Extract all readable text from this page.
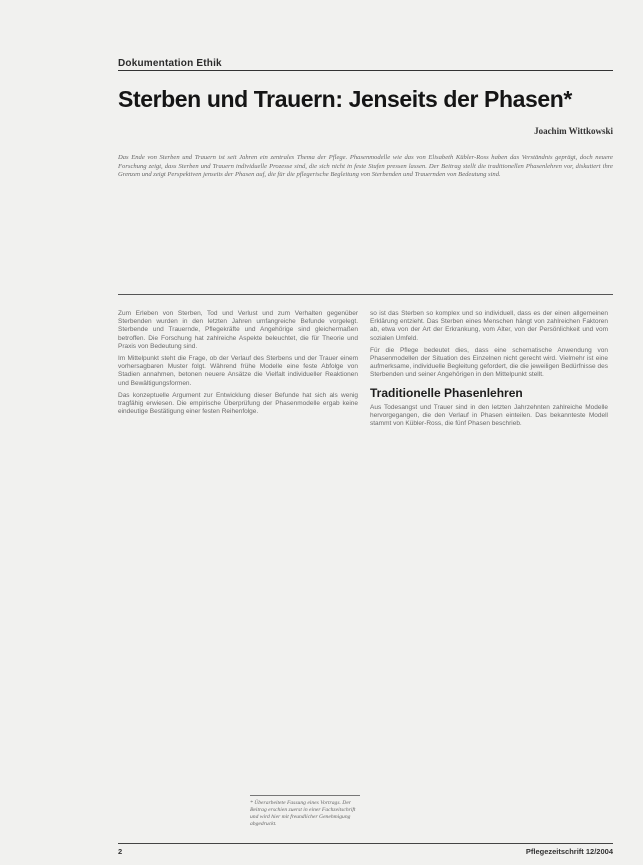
Dokumentation Ethik
Sterben und Trauern: Jenseits der Phasen*
Joachim Wittkowski
Das Ende von Sterben und Trauern ist seit Jahren ein zentrales Thema der Pflege. Phasenmodelle wie das von Elisabeth Kübler-Ross haben das Verständnis geprägt, doch neuere Forschung zeigt, dass Sterben und Trauern individuelle Prozesse sind, die sich nicht in feste Stufen pressen lassen. Der Beitrag stellt die traditionellen Phasenlehren vor, diskutiert ihre Grenzen und zeigt Perspektiven jenseits der Phasen auf, die für die pflegerische Begleitung von Sterbenden und Trauernden von Bedeutung sind.

Zum Erleben von Sterben, Tod und Verlust und zum Verhalten gegenüber Sterbenden wurden in den letzten Jahren umfangreiche Befunde vorgelegt. Sterbende und Trauernde, Pflegekräfte und Angehörige sind gleichermaßen betroffen. Die Forschung hat zahlreiche Aspekte beleuchtet, die für Theorie und Praxis von Bedeutung sind.

Im Mittelpunkt steht die Frage, ob der Verlauf des Sterbens und der Trauer einem vorhersagbaren Muster folgt. Während frühe Modelle eine feste Abfolge von Stadien annahmen, betonen neuere Ansätze die Vielfalt individueller Reaktionen und Bewältigungsformen.

Das konzeptuelle Argument zur Entwicklung dieser Befunde hat sich als wenig tragfähig erwiesen. Die empirische Überprüfung der Phasenmodelle ergab keine eindeutige Bestätigung einer festen Reihenfolge.

so ist das Sterben so komplex und so individuell, dass es der einen allgemeinen Erklärung entzieht. Das Sterben eines Menschen hängt von zahlreichen Faktoren ab, etwa von der Art der Erkrankung, vom Alter, von der Persönlichkeit und vom sozialen Umfeld.

Für die Pflege bedeutet dies, dass eine schematische Anwendung von Phasenmodellen der Situation des Einzelnen nicht gerecht wird. Vielmehr ist eine aufmerksame, individuelle Begleitung gefordert, die die jeweiligen Bedürfnisse des Sterbenden und seiner Angehörigen in den Mittelpunkt stellt.

Traditionelle Phasenlehren

Aus Todesangst und Trauer sind in den letzten Jahrzehnten zahlreiche Modelle hervorgegangen, die den Verlauf in Phasen einteilen. Das bekannteste Modell stammt von Kübler-Ross, die fünf Phasen beschrieb.

* Überarbeitete Fassung eines Vortrags. Der Beitrag erschien zuerst in einer Fachzeitschrift und wird hier mit freundlicher Genehmigung abgedruckt.
2	Pflegezeitschrift 12/2004
